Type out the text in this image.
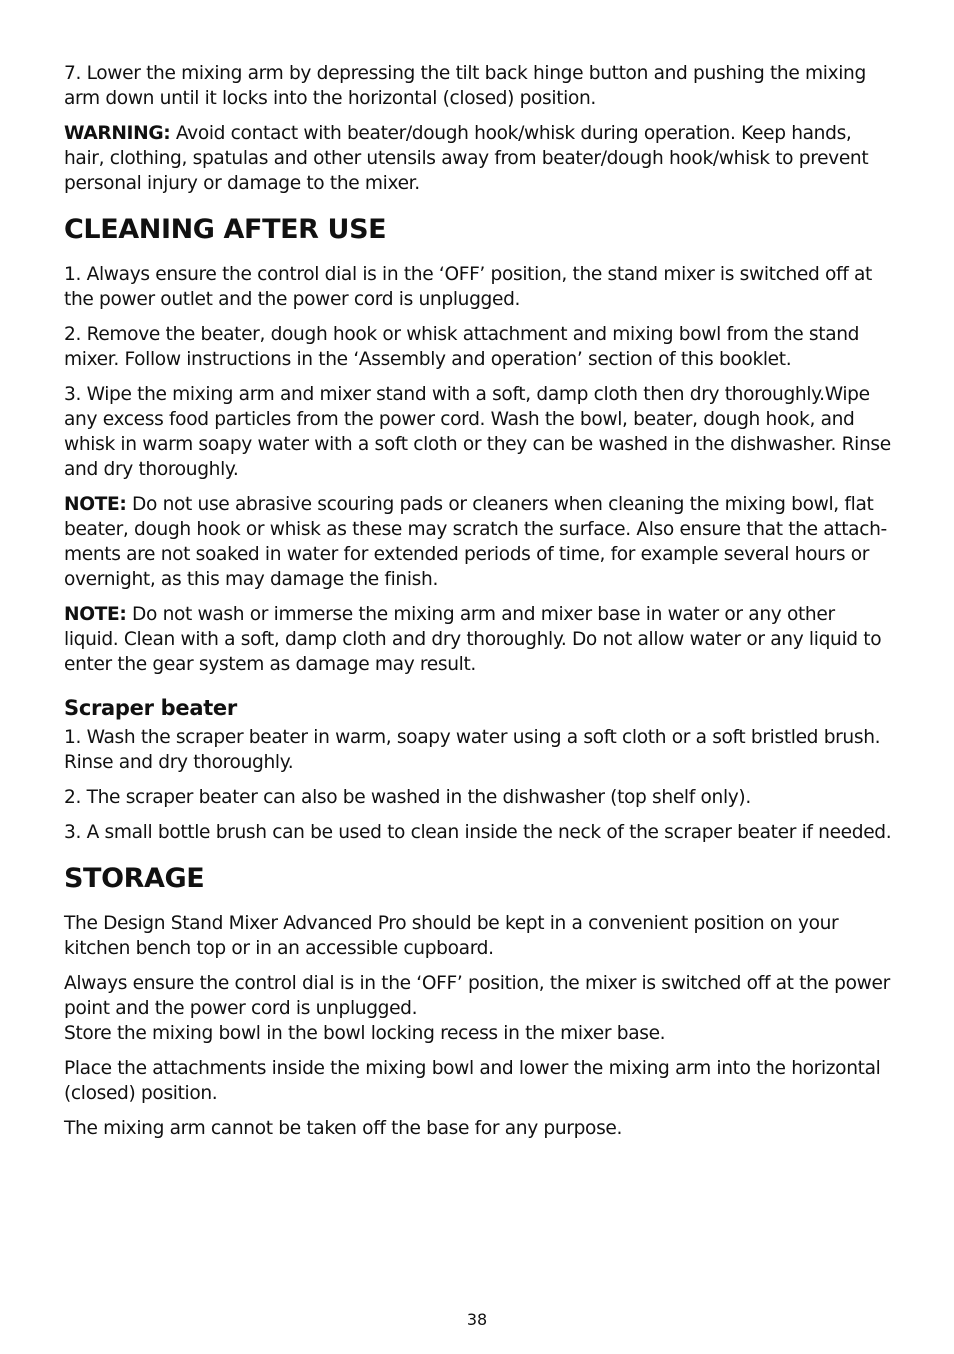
7. Lower the mixing arm by depressing the tilt back hinge button and pushing the mixing arm down until it locks into the horizontal (closed) position.

WARNING: Avoid contact with beater/dough hook/whisk during operation. Keep hands, hair, clothing, spatulas and other utensils away from beater/dough hook/whisk to prevent personal injury or damage to the mixer.

CLEANING AFTER USE

1. Always ensure the control dial is in the ‘OFF’ position, the stand mixer is switched off at the power outlet and the power cord is unplugged.

2. Remove the beater, dough hook or whisk attachment and mixing bowl from the stand mixer. Follow instructions in the ‘Assembly and operation’ section of this booklet.

3. Wipe the mixing arm and mixer stand with a soft, damp cloth then dry thoroughly.Wipe any excess food particles from the power cord. Wash the bowl, beater, dough hook, and whisk in warm soapy water with a soft cloth or they can be washed in the dishwasher. Rinse and dry thoroughly.

NOTE: Do not use abrasive scouring pads or cleaners when cleaning the mixing bowl, flat beater, dough hook or whisk as these may scratch the surface. Also ensure that the attach-ments are not soaked in water for extended periods of time, for example several hours or overnight, as this may damage the finish.

NOTE: Do not wash or immerse the mixing arm and mixer base in water or any other liquid. Clean with a soft, damp cloth and dry thoroughly. Do not allow water or any liquid to enter the gear system as damage may result.

Scraper beater

1. Wash the scraper beater in warm, soapy water using a soft cloth or a soft bristled brush. Rinse and dry thoroughly.

2. The scraper beater can also be washed in the dishwasher (top shelf only).

3. A small bottle brush can be used to clean inside the neck of the scraper beater if needed.

STORAGE

The Design Stand Mixer Advanced Pro should be kept in a convenient position on your kitchen bench top or in an accessible cupboard.

Always ensure the control dial is in the ‘OFF’ position, the mixer is switched off at the power point and the power cord is unplugged.

Store the mixing bowl in the bowl locking recess in the mixer base.

Place the attachments inside the mixing bowl and lower the mixing arm into the horizontal (closed) position.

The mixing arm cannot be taken off the base for any purpose.

38
